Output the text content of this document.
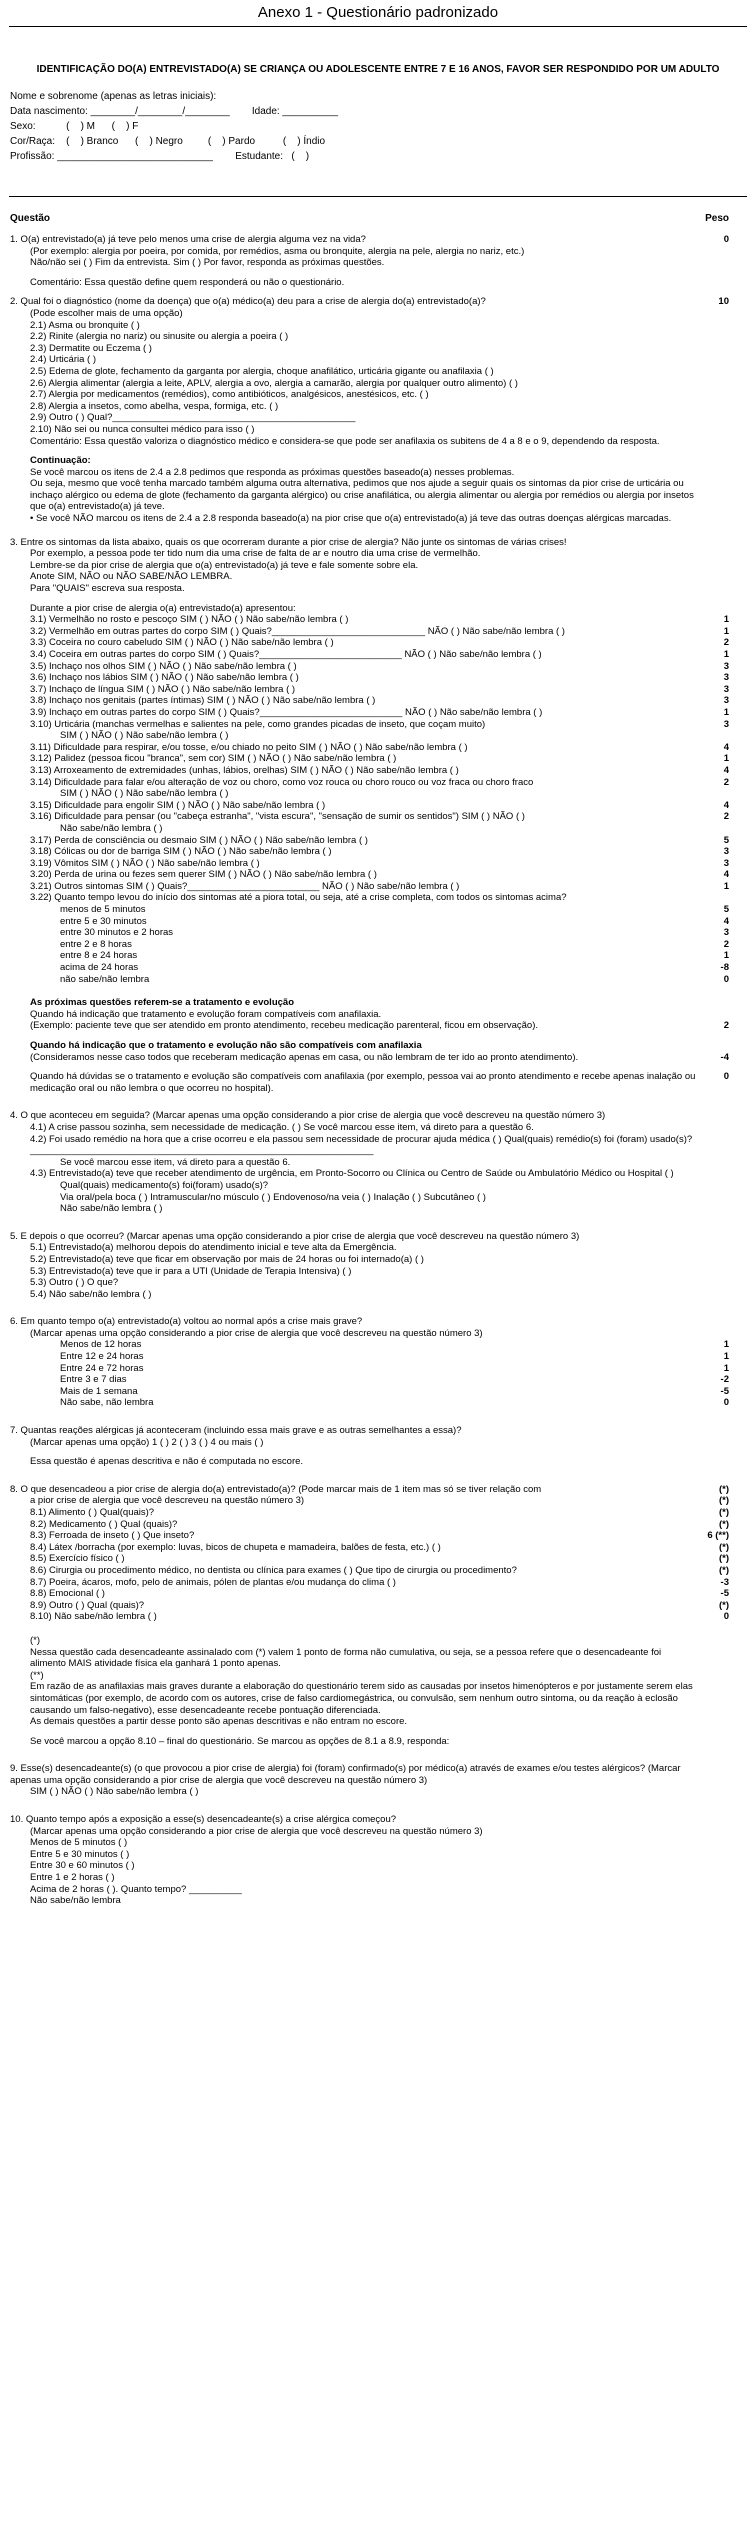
Anexo 1 - Questionário padronizado
IDENTIFICAÇÃO DO(A) ENTREVISTADO(A) SE CRIANÇA OU ADOLESCENTE ENTRE 7 E 16 ANOS, FAVOR SER RESPONDIDO POR UM ADULTO
Nome e sobrenome (apenas as letras iniciais):
Data nascimento: ________/________/________        Idade: __________
Sexo:           (    ) M      (    ) F
Cor/Raça:    (    ) Branco      (    ) Negro         (    ) Pardo          (    ) Índio
Profissão: ____________________________        Estudante:   (    )
Questão	Peso
1. O(a) entrevistado(a) já teve pelo menos uma crise de alergia alguma vez na vida?	0
(Por exemplo: alergia por poeira, por comida, por remédios, asma ou bronquite, alergia na pele, alergia no nariz, etc.)
Não/não sei ( ) Fim da entrevista. Sim ( ) Por favor, responda as próximas questões.
Comentário: Essa questão define quem responderá ou não o questionário.
2. Qual foi o diagnóstico (nome da doença) que o(a) médico(a) deu para a crise de alergia do(a) entrevistado(a)?	10
(Pode escolher mais de uma opção)
2.1) Asma ou bronquite ( )
2.2) Rinite (alergia no nariz) ou sinusite ou alergia a poeira ( )
2.3) Dermatite ou Eczema ( )
2.4) Urticária ( )
2.5) Edema de glote, fechamento da garganta por alergia, choque anafilático, urticária gigante ou anafilaxia ( )
2.6) Alergia alimentar (alergia a leite, APLV, alergia a ovo, alergia a camarão, alergia por qualquer outro alimento) ( )
2.7) Alergia por medicamentos (remédios), como antibióticos, analgésicos, anestésicos, etc. ( )
2.8) Alergia a insetos, como abelha, vespa, formiga, etc. ( )
2.9) Outro ( ) Qual?______________________________________________
2.10) Não sei ou nunca consultei médico para isso ( )
Comentário: Essa questão valoriza o diagnóstico médico e considera-se que pode ser anafilaxia os subitens de 4 a 8 e o 9, dependendo da resposta.
Continuação:
Se você marcou os itens de 2.4 a 2.8 pedimos que responda as próximas questões baseado(a) nesses problemas.
Ou seja, mesmo que você tenha marcado também alguma outra alternativa, pedimos que nos ajude a seguir quais os sintomas da pior crise de urticária ou inchaço alérgico ou edema de glote (fechamento da garganta alérgico) ou crise anafilática, ou alergia alimentar ou alergia por remédios ou alergia por insetos que o(a) entrevistado(a) já teve.
• Se você NÃO marcou os itens de 2.4 a 2.8 responda baseado(a) na pior crise que o(a) entrevistado(a) já teve das outras doenças alérgicas marcadas.
3. Entre os sintomas da lista abaixo, quais os que ocorreram durante a pior crise de alergia? Não junte os sintomas de várias crises!
Por exemplo, a pessoa pode ter tido num dia uma crise de falta de ar e noutro dia uma crise de vermelhão.
Lembre-se da pior crise de alergia que o(a) entrevistado(a) já teve e fale somente sobre ela.
Anote SIM, NÃO ou NÃO SABE/NÃO LEMBRA.
Para "QUAIS" escreva sua resposta.
Durante a pior crise de alergia o(a) entrevistado(a) apresentou:
3.1) Vermelhão no rosto e pescoço SIM ( ) NÃO ( ) Não sabe/não lembra ( )	1
3.2) Vermelhão em outras partes do corpo SIM ( ) Quais?_____________________________ NÃO ( ) Não sabe/não lembra ( )	1
3.3) Coceira no couro cabeludo SIM ( ) NÃO ( ) Não sabe/não lembra ( )	2
3.4) Coceira em outras partes do corpo SIM ( ) Quais?___________________________ NÃO ( ) Não sabe/não lembra ( )	1
3.5) Inchaço nos olhos SIM ( ) NÃO ( ) Não sabe/não lembra ( )	3
3.6) Inchaço nos lábios SIM ( ) NÃO ( ) Não sabe/não lembra ( )	3
3.7) Inchaço de língua SIM ( ) NÃO ( ) Não sabe/não lembra ( )	3
3.8) Inchaço nos genitais (partes íntimas) SIM ( ) NÃO ( ) Não sabe/não lembra ( )	3
3.9) Inchaço em outras partes do corpo SIM ( ) Quais?___________________________ NÃO ( ) Não sabe/não lembra ( )	1
3.10) Urticária (manchas vermelhas e salientes na pele, como grandes picadas de inseto, que coçam muito)	3
SIM ( ) NÃO ( ) Não sabe/não lembra ( )
3.11) Dificuldade para respirar, e/ou tosse, e/ou chiado no peito SIM ( ) NÃO ( ) Não sabe/não lembra ( )	4
3.12) Palidez (pessoa ficou "branca", sem cor) SIM ( ) NÃO ( ) Não sabe/não lembra ( )	1
3.13) Arroxeamento de extremidades (unhas, lábios, orelhas) SIM ( ) NÃO ( ) Não sabe/não lembra ( )	4
3.14) Dificuldade para falar e/ou alteração de voz ou choro, como voz rouca ou choro rouco ou voz fraca ou choro fraco	2
SIM ( ) NÃO ( ) Não sabe/não lembra ( )
3.15) Dificuldade para engolir SIM ( ) NÃO ( ) Não sabe/não lembra ( )	4
3.16) Dificuldade para pensar (ou "cabeça estranha", "vista escura", "sensação de sumir os sentidos") SIM ( ) NÃO ( )	2
Não sabe/não lembra ( )
3.17) Perda de consciência ou desmaio SIM ( ) NÃO ( ) Não sabe/não lembra ( )	5
3.18) Cólicas ou dor de barriga SIM ( ) NÃO ( ) Não sabe/não lembra ( )	3
3.19) Vômitos SIM ( ) NÃO ( ) Não sabe/não lembra ( )	3
3.20) Perda de urina ou fezes sem querer SIM ( ) NÃO ( ) Não sabe/não lembra ( )	4
3.21) Outros sintomas SIM ( ) Quais?_________________________ NÃO ( ) Não sabe/não lembra ( )	1
3.22) Quanto tempo levou do início dos sintomas até a piora total, ou seja, até a crise completa, com todos os sintomas acima?
menos de 5 minutos	5
entre 5 e 30 minutos	4
entre 30 minutos e 2 horas	3
entre 2 e 8 horas	2
entre 8 e 24 horas	1
acima de 24 horas	-8
não sabe/não lembra	0
As próximas questões referem-se a tratamento e evolução
Quando há indicação que tratamento e evolução foram compatíveis com anafilaxia.
(Exemplo: paciente teve que ser atendido em pronto atendimento, recebeu medicação parenteral, ficou em observação).	2
Quando há indicação que o tratamento e evolução não são compatíveis com anafilaxia
(Consideramos nesse caso todos que receberam medicação apenas em casa, ou não lembram de ter ido ao pronto atendimento).	-4
Quando há dúvidas se o tratamento e evolução são compatíveis com anafilaxia (por exemplo, pessoa vai ao pronto atendimento e recebe apenas inalação ou medicação oral ou não lembra o que ocorreu no hospital).
0
4. O que aconteceu em seguida? (Marcar apenas uma opção considerando a pior crise de alergia que você descreveu na questão número 3)
4.1) A crise passou sozinha, sem necessidade de medicação. ( ) Se você marcou esse item, vá direto para a questão 6.
4.2) Foi usado remédio na hora que a crise ocorreu e ela passou sem necessidade de procurar ajuda médica ( ) Qual(quais) remédio(s) foi (foram) usado(s)?_________________________________________________________________
Se você marcou esse item, vá direto para a questão 6.
4.3) Entrevistado(a) teve que receber atendimento de urgência, em Pronto-Socorro ou Clínica ou Centro de Saúde ou Ambulatório Médico ou Hospital ( )
Qual(quais) medicamento(s) foi(foram) usado(s)?
Via oral/pela boca ( ) Intramuscular/no músculo ( ) Endovenoso/na veia ( ) Inalação ( ) Subcutâneo ( )
Não sabe/não lembra ( )
5. E depois o que ocorreu? (Marcar apenas uma opção considerando a pior crise de alergia que você descreveu na questão número 3)
5.1) Entrevistado(a) melhorou depois do atendimento inicial e teve alta da Emergência.
5.2) Entrevistado(a) teve que ficar em observação por mais de 24 horas ou foi internado(a) ( )
5.3) Entrevistado(a) teve que ir para a UTI (Unidade de Terapia Intensiva) ( )
5.3) Outro ( ) O que?
5.4) Não sabe/não lembra ( )
6. Em quanto tempo o(a) entrevistado(a) voltou ao normal após a crise mais grave?
(Marcar apenas uma opção considerando a pior crise de alergia que você descreveu na questão número 3)
Menos de 12 horas	1
Entre 12 e 24 horas	1
Entre 24 e 72 horas	1
Entre 3 e 7 dias	-2
Mais de 1 semana	-5
Não sabe, não lembra	0
7. Quantas reações alérgicas já aconteceram (incluindo essa mais grave e as outras semelhantes a essa)?
(Marcar apenas uma opção) 1 ( ) 2 ( ) 3 ( ) 4 ou mais ( )
Essa questão é apenas descritiva e não é computada no escore.
8. O que desencadeou a pior crise de alergia do(a) entrevistado(a)? (Pode marcar mais de 1 item mas só se tiver relação com	(*)
a pior crise de alergia que você descreveu na questão número 3)	(*)
8.1) Alimento ( ) Qual(quais)?	(*)
8.2) Medicamento ( ) Qual (quais)?	(*)
8.3) Ferroada de inseto ( ) Que inseto?	6 (**)
8.4) Látex /borracha (por exemplo: luvas, bicos de chupeta e mamadeira, balões de festa, etc.) ( )	(*)
8.5) Exercício físico ( )	(*)
8.6) Cirurgia ou procedimento médico, no dentista ou clínica para exames ( ) Que tipo de cirurgia ou procedimento?	(*)
8.7) Poeira, ácaros, mofo, pelo de animais, pólen de plantas e/ou mudança do clima ( )	-3
8.8) Emocional ( )	-5
8.9) Outro ( ) Qual (quais)?	(*)
8.10) Não sabe/não lembra ( )	0
(*)
Nessa questão cada desencadeante assinalado com (*) valem 1 ponto de forma não cumulativa, ou seja, se a pessoa refere que o desencadeante foi alimento MAIS atividade física ela ganhará 1 ponto apenas.
(**)
Em razão de as anafilaxias mais graves durante a elaboração do questionário terem sido as causadas por insetos himenópteros e por justamente serem elas sintomáticas (por exemplo, de acordo com os autores, crise de falso cardiomegástrica, ou convulsão, sem nenhum outro sintoma, ou da reação à eclosão causando um falso-negativo), esse desencadeante recebe pontuação diferenciada.
As demais questões a partir desse ponto são apenas descritivas e não entram no escore.
Se você marcou a opção 8.10 – final do questionário. Se marcou as opções de 8.1 a 8.9, responda:
9. Esse(s) desencadeante(s) (o que provocou a pior crise de alergia) foi (foram) confirmado(s) por médico(a) através de exames e/ou testes alérgicos? (Marcar apenas uma opção considerando a pior crise de alergia que você descreveu na questão número 3)
SIM ( ) NÃO ( ) Não sabe/não lembra ( )
10. Quanto tempo após a exposição a esse(s) desencadeante(s) a crise alérgica começou?
(Marcar apenas uma opção considerando a pior crise de alergia que você descreveu na questão número 3)
Menos de 5 minutos ( )
Entre 5 e 30 minutos ( )
Entre 30 e 60 minutos ( )
Entre 1 e 2 horas ( )
Acima de 2 horas ( ). Quanto tempo? __________
Não sabe/não lembra
